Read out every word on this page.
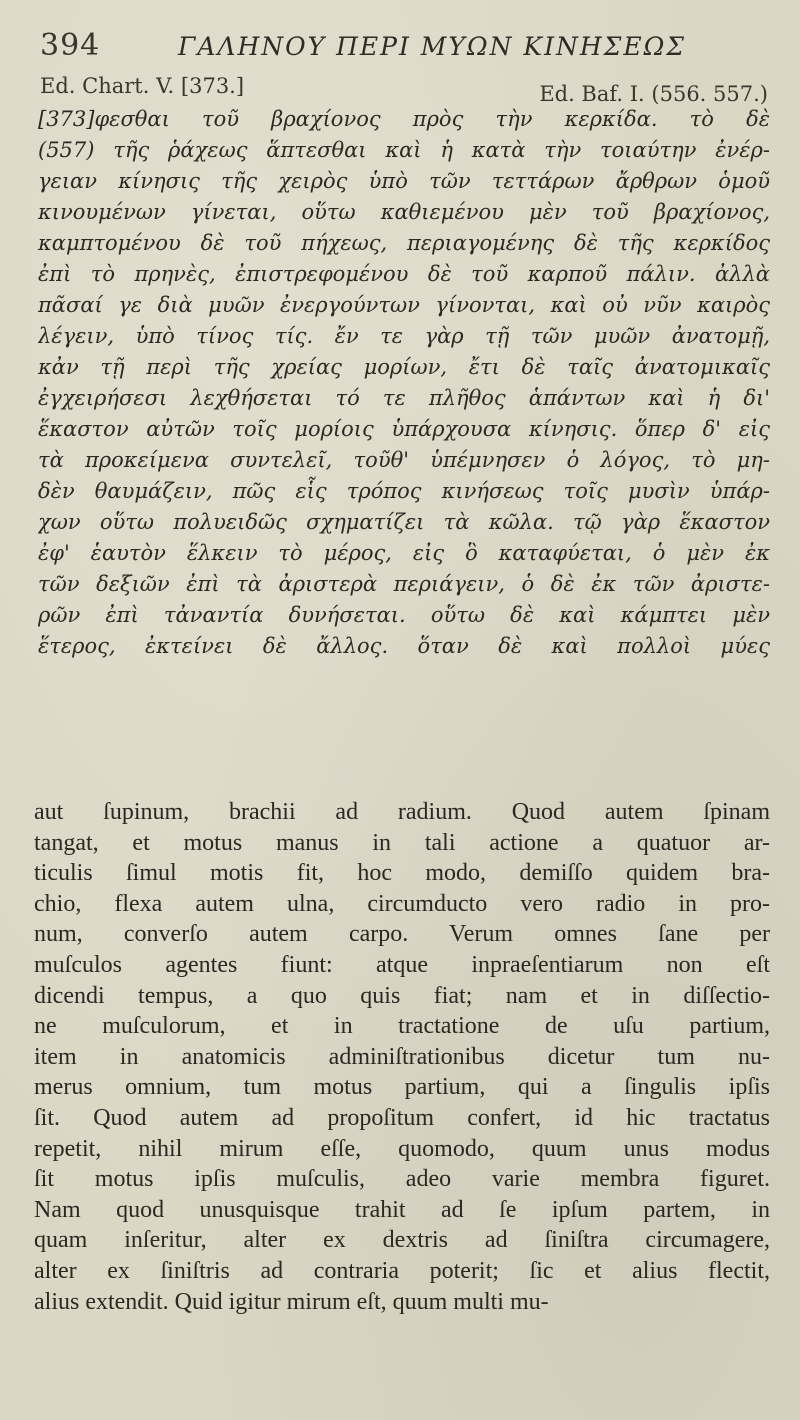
394	ΓΑΛΗΝΟΥ ΠΕΡΙ ΜΥΩΝ ΚΙΝΗΣΕΩΣ
Ed. Chart. V. [373.]	Ed. Baf. I. (556. 557.)
[373]φεσθαι τοῦ βραχίονος πρὸς τὴν κερκίδα. τὸ δὲ
(557) τῆς ῥάχεως ἅπτεσθαι καὶ ἡ κατὰ τὴν τοιαύτην ἐνέρ-
γειαν κίνησις τῆς χειρὸς ὑπὸ τῶν τεττάρων ἄρθρων ὁμοῦ
κινουμένων γίνεται, οὕτω καθιεμένου μὲν τοῦ βραχίονος,
καμπτομένου δὲ τοῦ πήχεως, περιαγομένης δὲ τῆς κερκίδος
ἐπὶ τὸ πρηνὲς, ἐπιστρεφομένου δὲ τοῦ καρποῦ πάλιν. ἀλλὰ
πᾶσαί γε διὰ μυῶν ἐνεργούντων γίνονται, καὶ οὐ νῦν καιρὸς
λέγειν, ὑπὸ τίνος τίς. ἔν τε γὰρ τῇ τῶν μυῶν ἀνατομῇ,
κἀν τῇ περὶ τῆς χρείας μορίων, ἔτι δὲ ταῖς ἀνατομικαῖς
ἐγχειρήσεσι λεχθήσεται τό τε πλῆθος ἁπάντων καὶ ἡ δι'
ἕκαστον αὐτῶν τοῖς μορίοις ὑπάρχουσα κίνησις. ὅπερ δ' εἰς
τὰ προκείμενα συντελεῖ, τοῦθ' ὑπέμνησεν ὁ λόγος, τὸ μη-
δὲν θαυμάζειν, πῶς εἷς τρόπος κινήσεως τοῖς μυσὶν ὑπάρ-
χων οὕτω πολυειδῶς σχηματίζει τὰ κῶλα. τῷ γὰρ ἕκαστον
ἐφ' ἑαυτὸν ἕλκειν τὸ μέρος, εἰς ὃ καταφύεται, ὁ μὲν ἐκ
τῶν δεξιῶν ἐπὶ τὰ ἀριστερὰ περιάγειν, ὁ δὲ ἐκ τῶν ἀριστε-
ρῶν ἐπὶ τἀναντία δυνήσεται. οὕτω δὲ καὶ κάμπτει μὲν
ἕτερος, ἐκτείνει δὲ ἄλλος. ὅταν δὲ καὶ πολλοὶ μύες
aut ſupinum, brachii ad radium. Quod autem ſpinam
tangat, et motus manus in tali actione a quatuor ar-
ticulis ſimul motis fit, hoc modo, demiſſo quidem bra-
chio, flexa autem ulna, circumducto vero radio in pro-
num, converſo autem carpo. Verum omnes ſane per
muſculos agentes fiunt: atque inpraeſentiarum non eſt
dicendi tempus, a quo quis fiat; nam et in diſſectio-
ne muſculorum, et in tractatione de uſu partium,
item in anatomicis adminiſtrationibus dicetur tum nu-
merus omnium, tum motus partium, qui a ſingulis ipſis
ſit. Quod autem ad propoſitum confert, id hic tractatus
repetit, nihil mirum eſſe, quomodo, quum unus modus
ſit motus ipſis muſculis, adeo varie membra figuret.
Nam quod unusquisque trahit ad ſe ipſum partem, in
quam inſeritur, alter ex dextris ad ſiniſtra circumagere,
alter ex ſiniſtris ad contraria poterit; ſic et alius flectit,
alius extendit. Quid igitur mirum eſt, quum multi mu-
